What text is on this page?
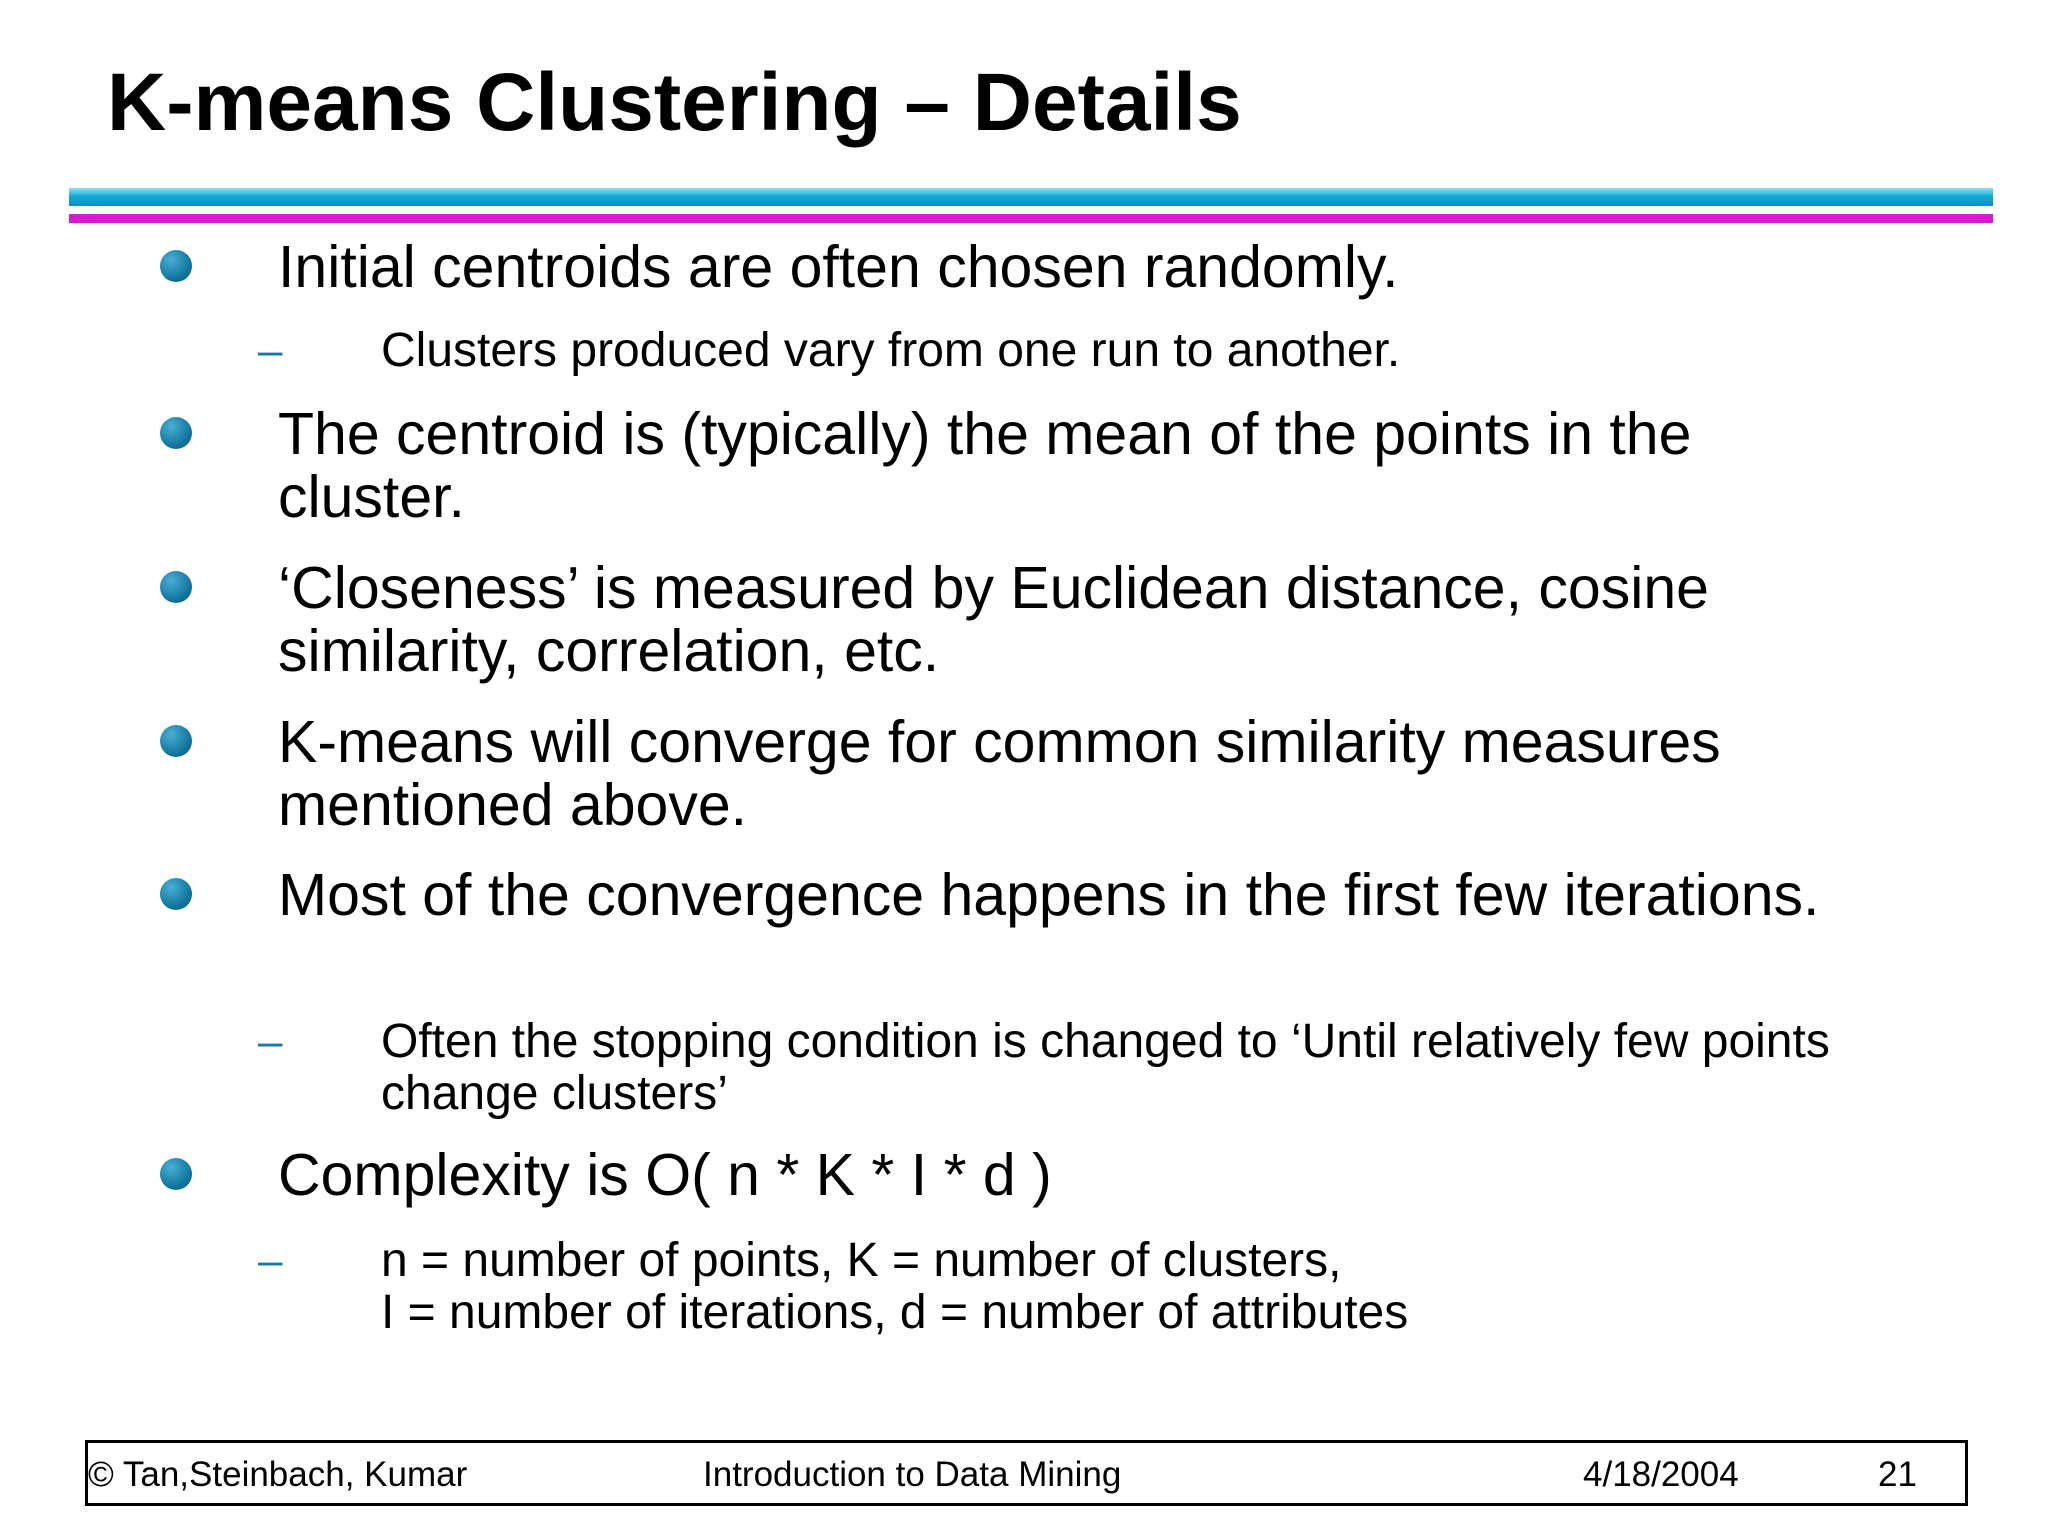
K-means Clustering – Details
Initial centroids are often chosen randomly.
– Clusters produced vary from one run to another.
The centroid is (typically) the mean of the points in the cluster.
‘Closeness’ is measured by Euclidean distance, cosine similarity, correlation, etc.
K-means will converge for common similarity measures mentioned above.
Most of the convergence happens in the first few iterations.
– Often the stopping condition is changed to ‘Until relatively few points change clusters’
Complexity is O( n * K * I * d )
– n = number of points, K = number of clusters,
I = number of iterations, d = number of attributes
© Tan,Steinbach, Kumar	Introduction to Data Mining	4/18/2004	21
